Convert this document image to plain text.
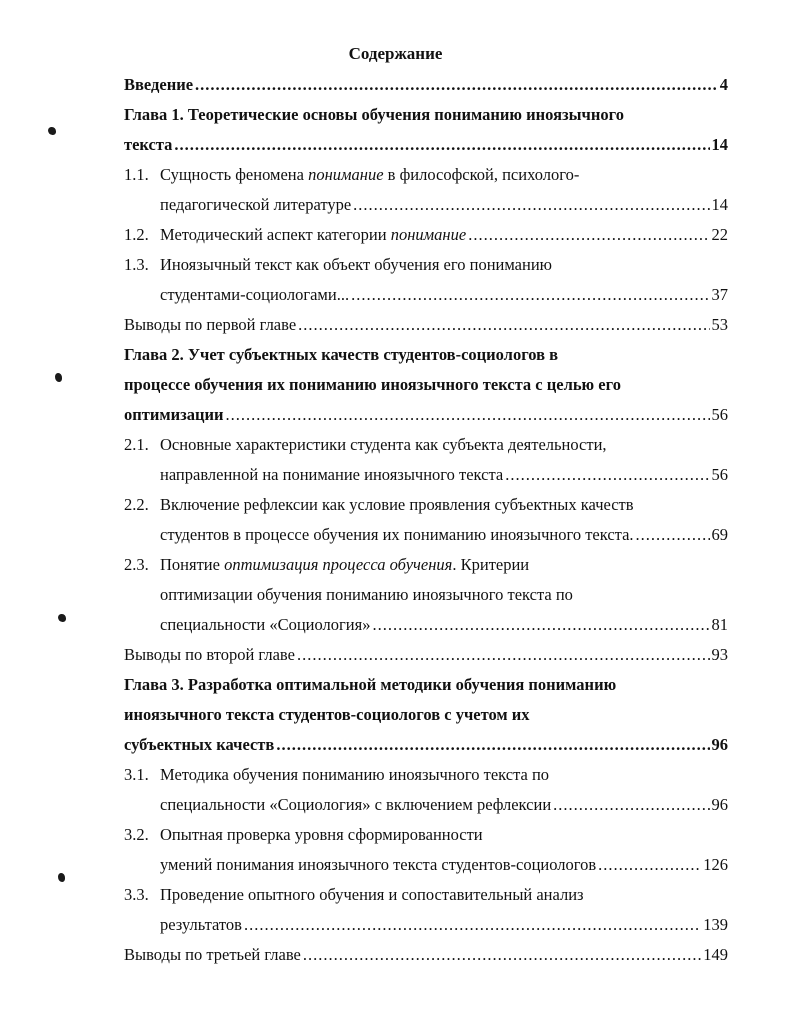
Содержание
Введение .....	4
Глава 1. Теоретические основы обучения пониманию иноязычного
текста .....	14
1.1. Сущность феномена понимание в философской, психолого-
педагогической литературе .....	14
1.2. Методический аспект категории понимание .....	22
1.3. Иноязычный текст как объект обучения его пониманию
студентами-социологами... .....	37
Выводы по первой главе .....	53
Глава 2. Учет субъектных качеств студентов-социологов в
процессе обучения их пониманию иноязычного текста с целью его
оптимизации .....	56
2.1. Основные характеристики студента как субъекта деятельности,
направленной на понимание иноязычного текста .....	56
2.2. Включение рефлексии как условие проявления субъектных качеств
студентов в процессе обучения их пониманию иноязычного текста. .....	69
2.3. Понятие оптимизация процесса обучения. Критерии
оптимизации обучения пониманию иноязычного текста по
специальности «Социология» .....	81
Выводы по второй главе .....	93
Глава 3. Разработка оптимальной методики обучения пониманию
иноязычного текста студентов-социологов с учетом их
субъектных качеств .....	96
3.1. Методика обучения пониманию иноязычного текста по
специальности «Социология» с включением рефлексии .....	96
3.2. Опытная проверка уровня сформированности
умений понимания иноязычного текста студентов-социологов .....	126
3.3. Проведение опытного обучения и сопоставительный анализ
результатов .....	139
Выводы по третьей главе .....	149
